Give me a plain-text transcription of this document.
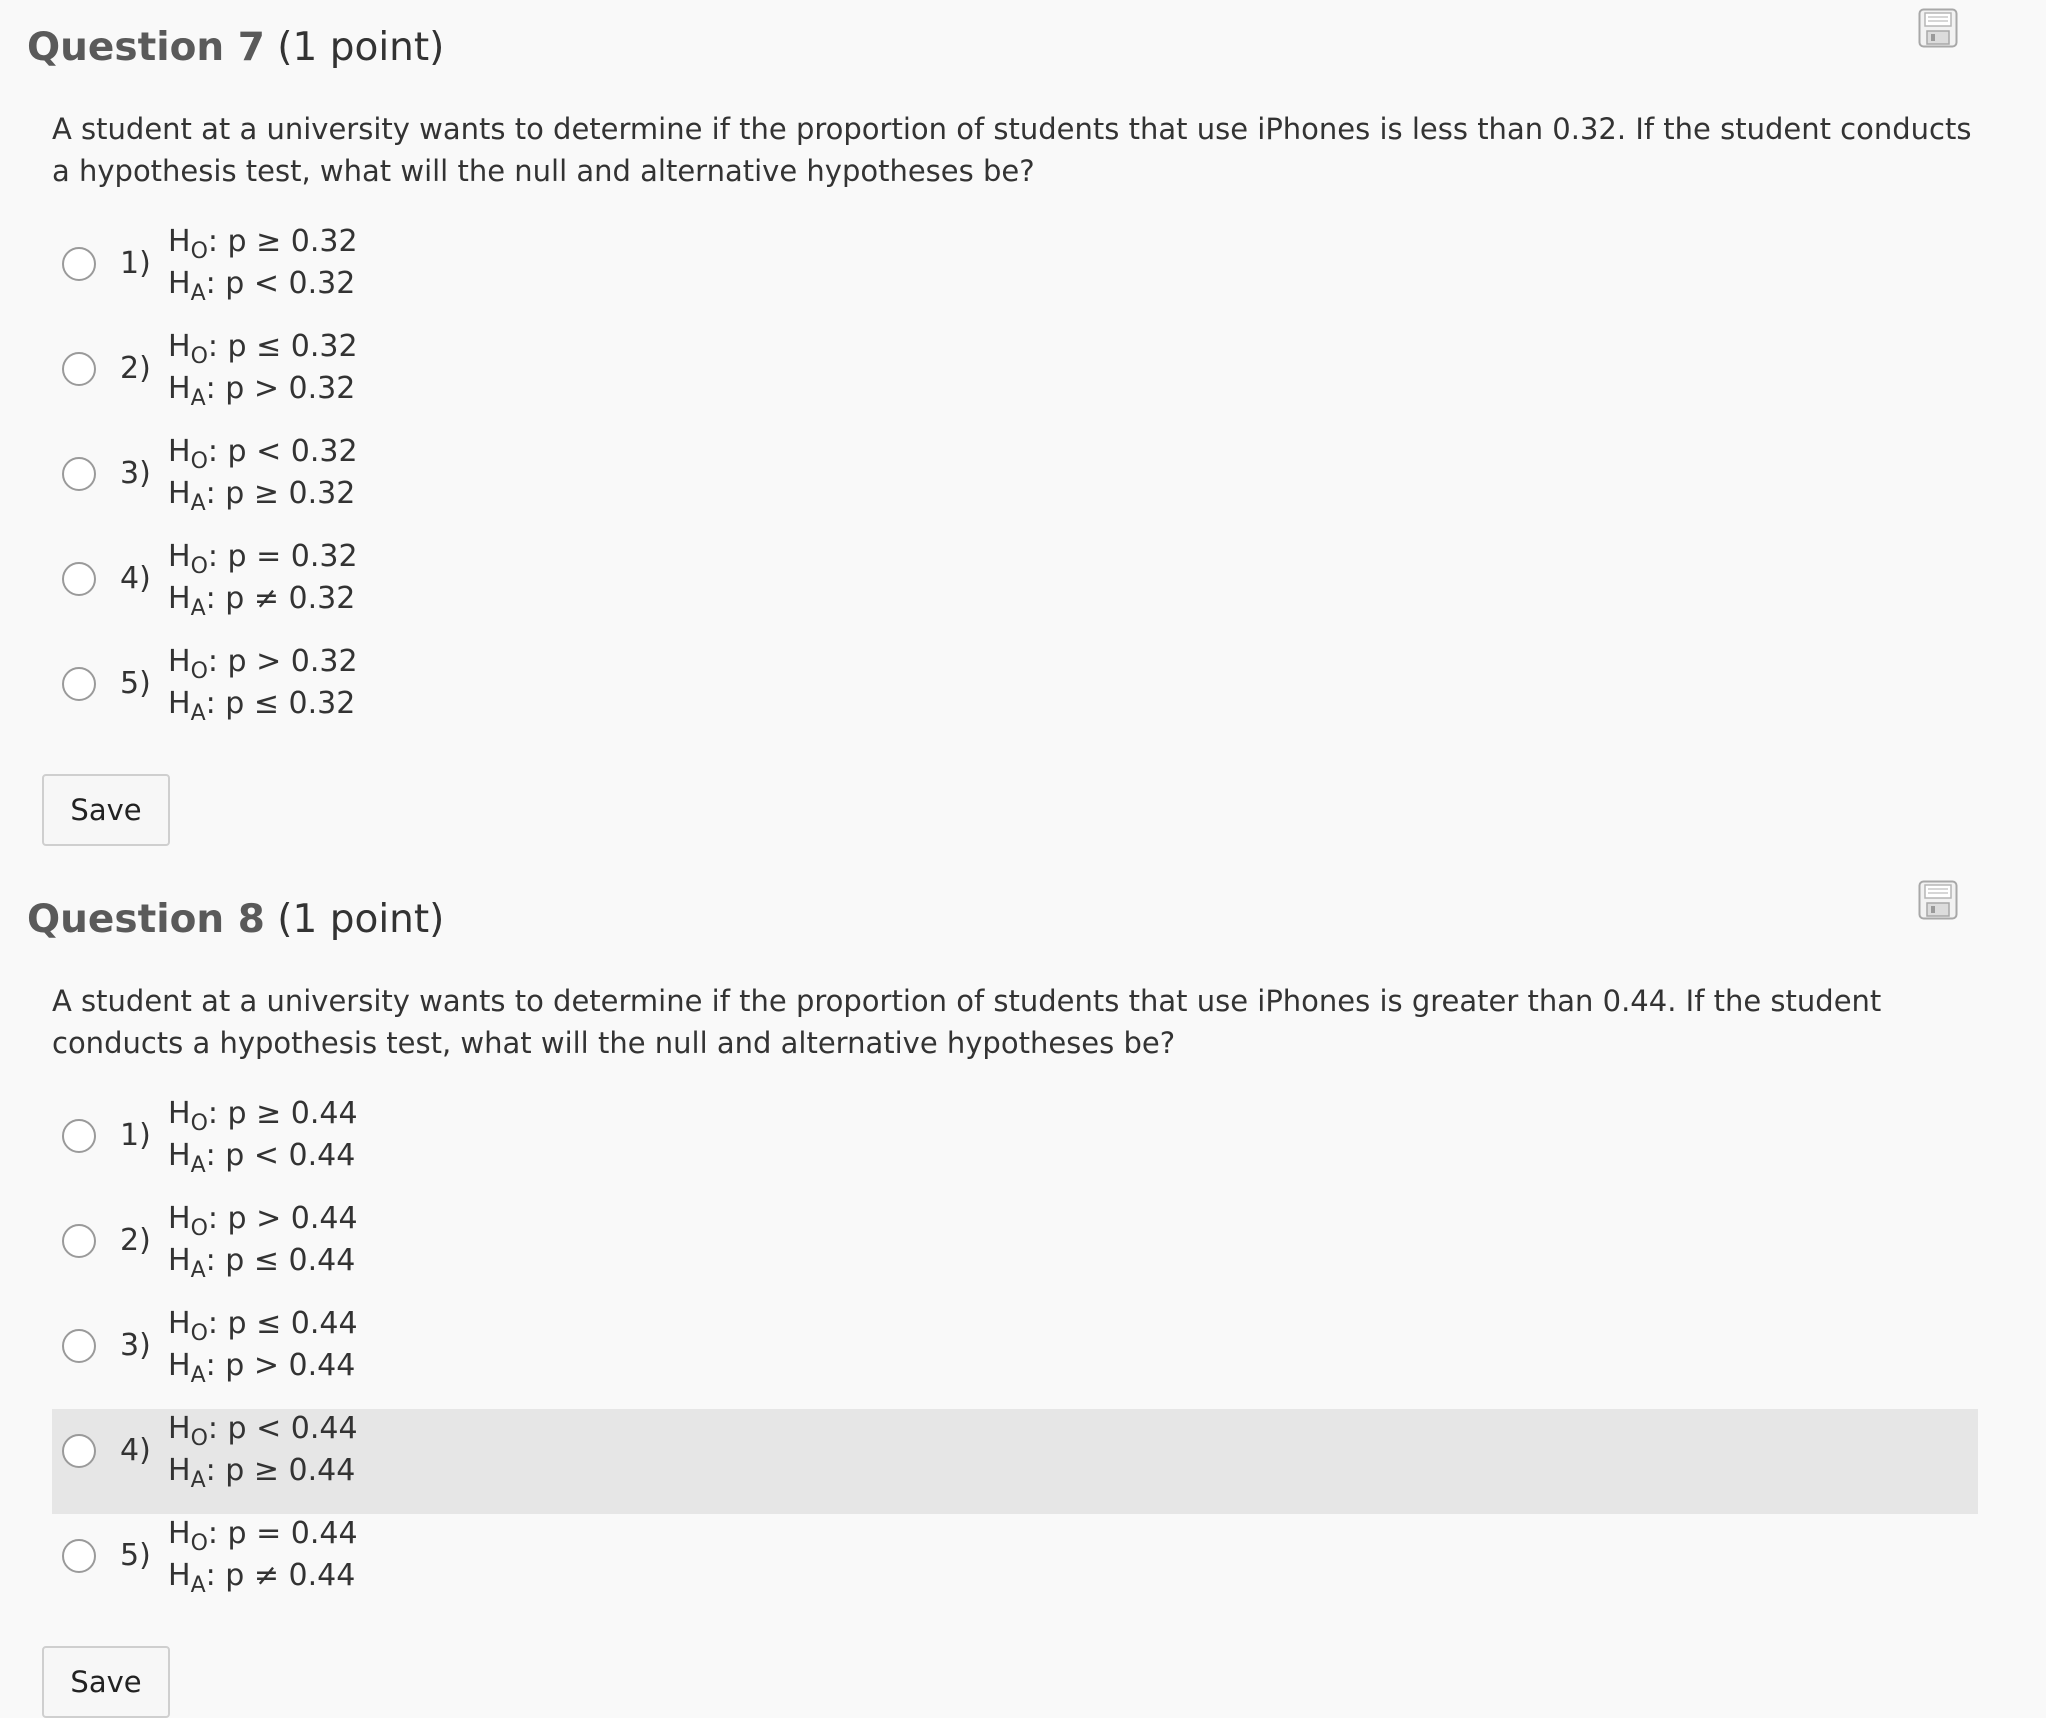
Question 7 (1 point)
A student at a university wants to determine if the proportion of students that use iPhones is less than 0.32. If the student conducts a hypothesis test, what will the null and alternative hypotheses be?
1)
$H_O$: p ≥ 0.32
$H_A$: p < 0.32
2)
$H_O$: p ≤ 0.32
$H_A$: p > 0.32
3)
$H_O$: p < 0.32
$H_A$: p ≥ 0.32
4)
$H_O$: p = 0.32
$H_A$: p ≠ 0.32
5)
$H_O$: p > 0.32
$H_A$: p ≤ 0.32
Save
Question 8 (1 point)
A student at a university wants to determine if the proportion of students that use iPhones is greater than 0.44. If the student conducts a hypothesis test, what will the null and alternative hypotheses be?
1)
$H_O$: p ≥ 0.44
$H_A$: p < 0.44
2)
$H_O$: p > 0.44
$H_A$: p ≤ 0.44
3)
$H_O$: p ≤ 0.44
$H_A$: p > 0.44
4)
$H_O$: p < 0.44
$H_A$: p ≥ 0.44
5)
$H_O$: p = 0.44
$H_A$: p ≠ 0.44
Save
